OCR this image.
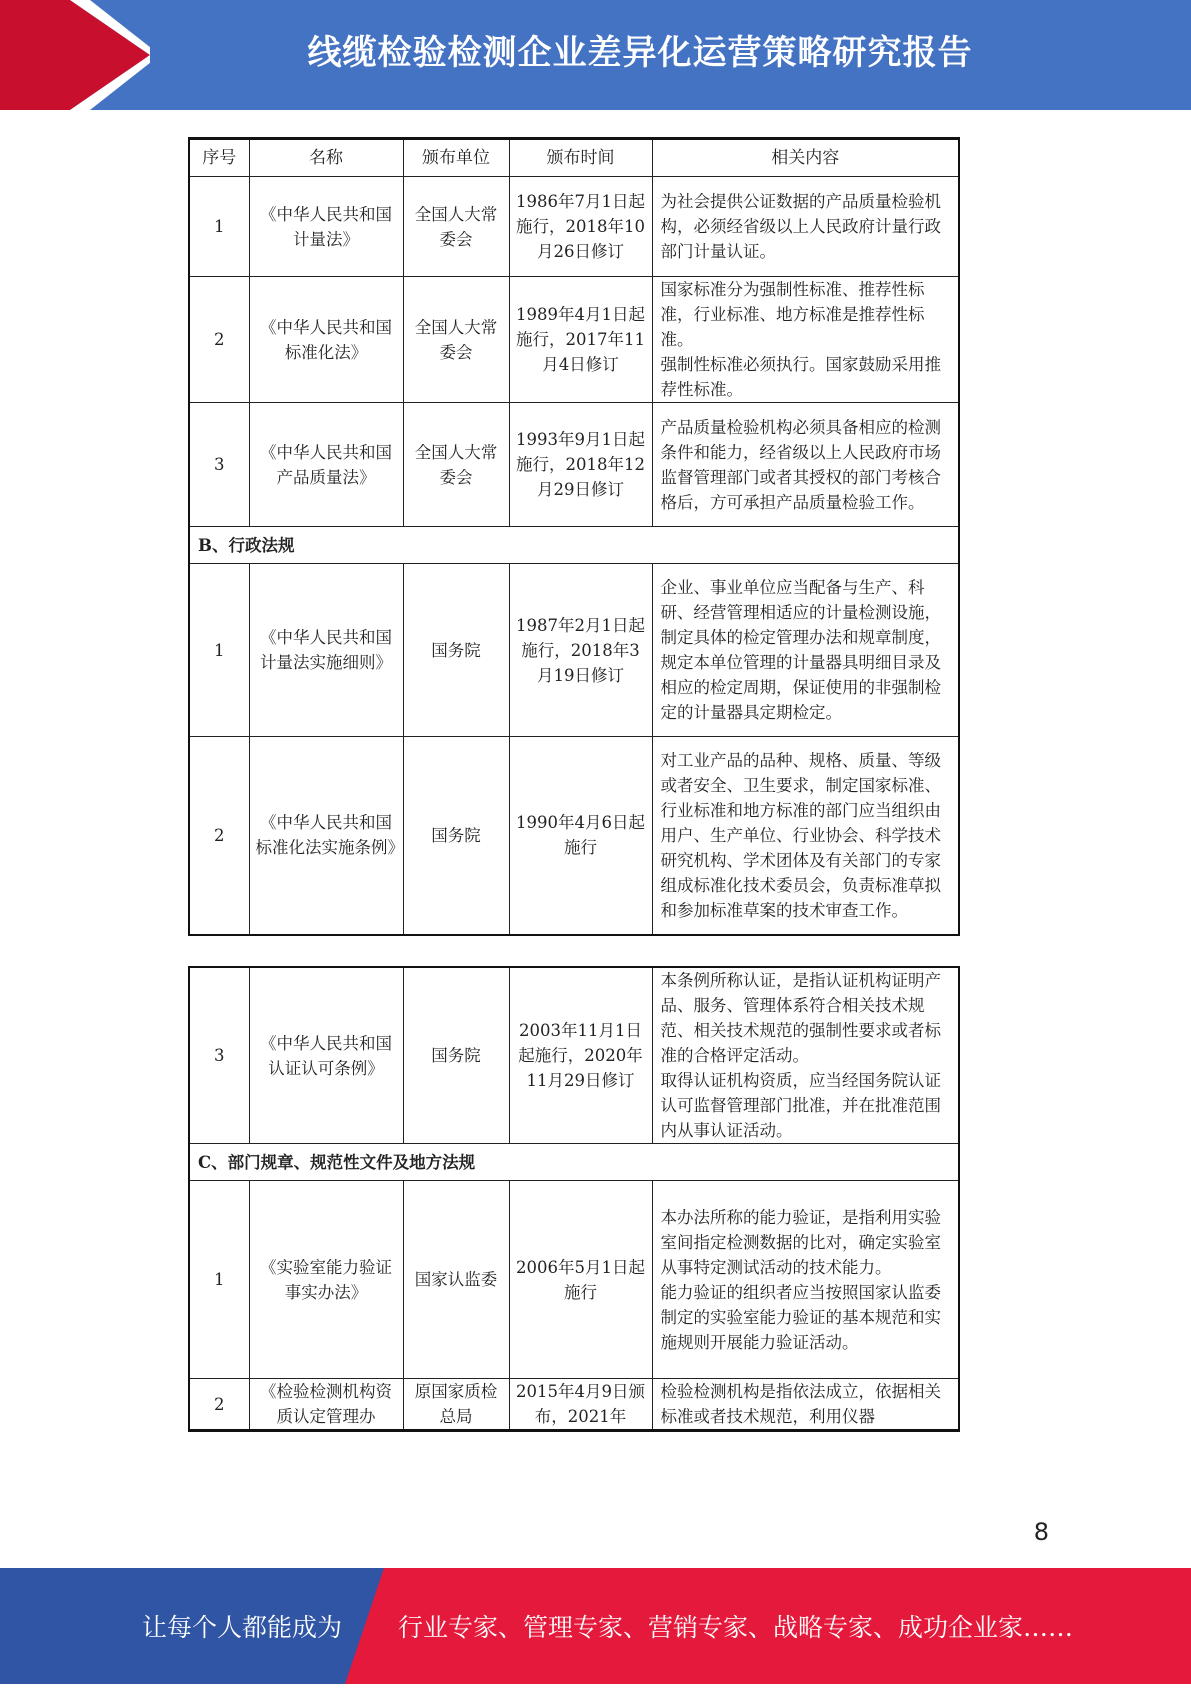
线缆检验检测企业差异化运营策略研究报告
序号	名称	颁布单位	颁布时间	相关内容
1	《中华人民共和国计量法》	全国人大常委会	1986年7月1日起施行，2018年10月26日修订	为社会提供公证数据的产品质量检验机构，必须经省级以上人民政府计量行政部门计量认证。
2	《中华人民共和国标准化法》	全国人大常委会	1989年4月1日起施行，2017年11月4日修订	国家标准分为强制性标准、推荐性标准，行业标准、地方标准是推荐性标准。
强制性标准必须执行。国家鼓励采用推荐性标准。
3	《中华人民共和国产品质量法》	全国人大常委会	1993年9月1日起施行，2018年12月29日修订	产品质量检验机构必须具备相应的检测条件和能力，经省级以上人民政府市场监督管理部门或者其授权的部门考核合格后，方可承担产品质量检验工作。
B、行政法规				
1	《中华人民共和国计量法实施细则》	国务院	1987年2月1日起施行，2018年3月19日修订	企业、事业单位应当配备与生产、科研、经营管理相适应的计量检测设施，制定具体的检定管理办法和规章制度，规定本单位管理的计量器具明细目录及相应的检定周期，保证使用的非强制检定的计量器具定期检定。
2	《中华人民共和国标准化法实施条例》	国务院	1990年4月6日起施行	对工业产品的品种、规格、质量、等级或者安全、卫生要求，制定国家标准、行业标准和地方标准的部门应当组织由用户、生产单位、行业协会、科学技术研究机构、学术团体及有关部门的专家组成标准化技术委员会，负责标准草拟和参加标准草案的技术审查工作。
3	《中华人民共和国认证认可条例》	国务院	2003年11月1日起施行，2020年11月29日修订	本条例所称认证，是指认证机构证明产品、服务、管理体系符合相关技术规范、相关技术规范的强制性要求或者标准的合格评定活动。
取得认证机构资质，应当经国务院认证认可监督管理部门批准，并在批准范围内从事认证活动。
C、部门规章、规范性文件及地方法规				
1	《实验室能力验证事实办法》	国家认监委	2006年5月1日起施行	本办法所称的能力验证，是指利用实验室间指定检测数据的比对，确定实验室从事特定测试活动的技术能力。
能力验证的组织者应当按照国家认监委制定的实验室能力验证的基本规范和实施规则开展能力验证活动。
2	《检验检测机构资质认定管理办	原国家质检总局	2015年4月9日颁布，2021年	检验检测机构是指依法成立，依据相关标准或者技术规范，利用仪器
8
让每个人都能成为 行业专家、管理专家、营销专家、战略专家、成功企业家……
